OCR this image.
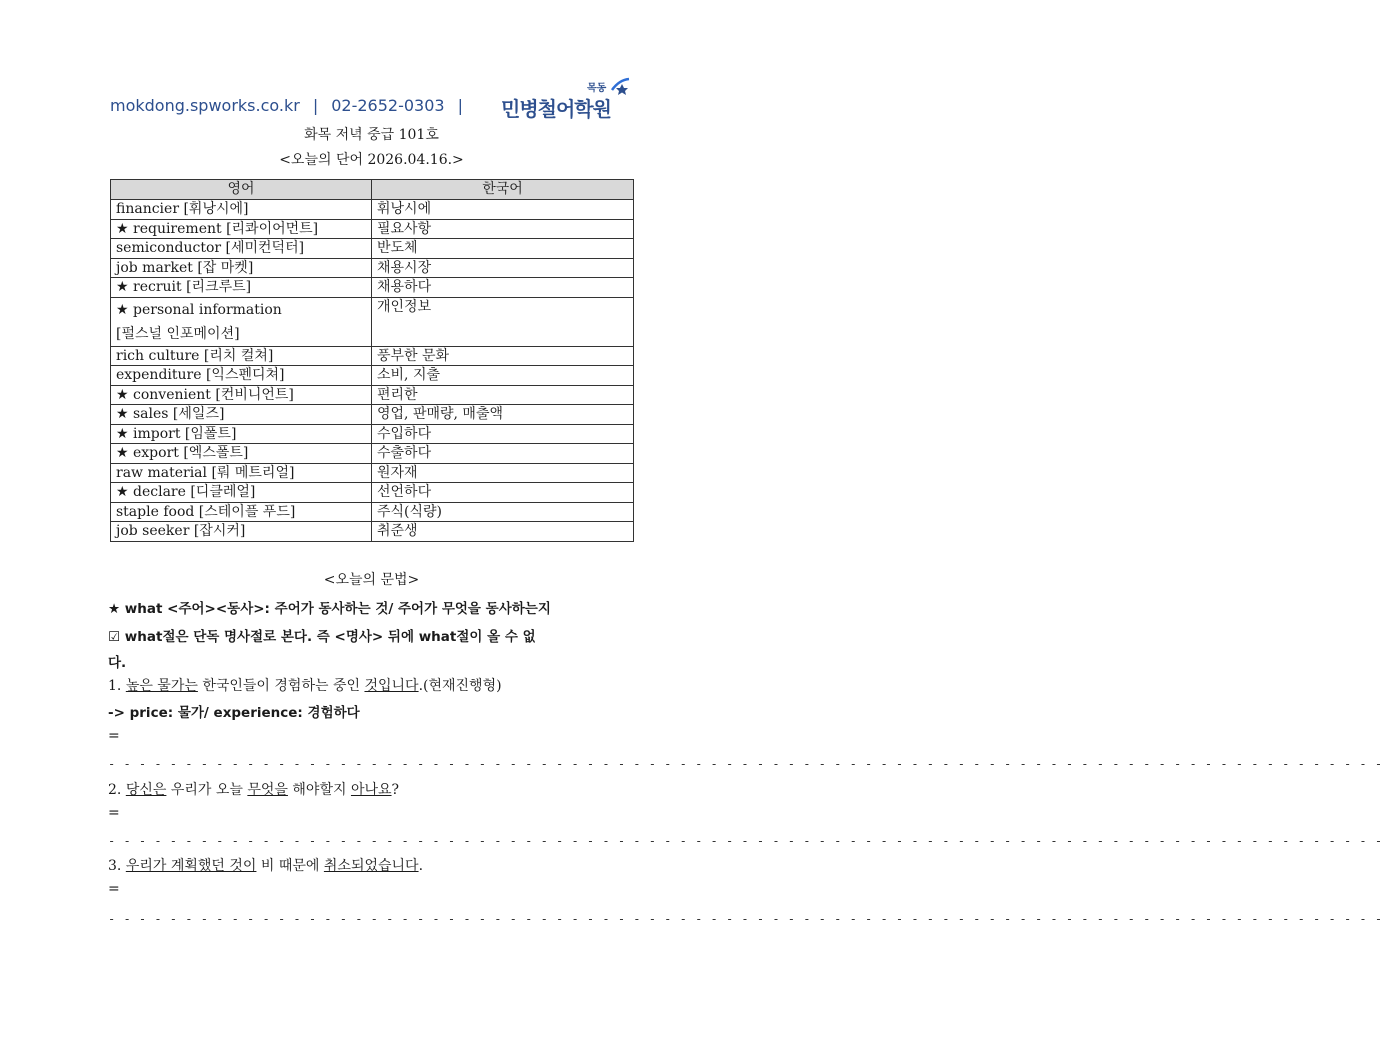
mokdong.spworks.co.kr | 02-2652-0303 |
목동
민병철어학원
화목 저녁 중급 101호
<오늘의 단어 2026.04.16.>
영어	한국어
financier [휘낭시에]	휘낭시에
★ requirement [리콰이어먼트]	필요사항
semiconductor [세미컨덕터]	반도체
job market [잡 마켓]	채용시장
★ recruit [리크루트]	채용하다
★ personal information
[펄스널 인포메이션]	개인정보
rich culture [리치 컬쳐]	풍부한 문화
expenditure [익스펜디쳐]	소비, 지출
★ convenient [컨비니언트]	편리한
★ sales [세일즈]	영업, 판매량, 매출액
★ import [임폴트]	수입하다
★ export [엑스폴트]	수출하다
raw material [뤄 메트리얼]	원자재
★ declare [디클레얼]	선언하다
staple food [스테이플 푸드]	주식(식량)
job seeker [잡시커]	취준생
<오늘의 문법>
★ what <주어><동사>: 주어가 동사하는 것/ 주어가 무엇을 동사하는지
☑ what절은 단독 명사절로 본다. 즉 <명사> 뒤에 what절이 올 수 없
다.
1. 높은 물가는 한국인들이 경험하는 중인 것입니다.(현재진행형)
-> price: 물가/ experience: 경험하다
=
- - - - - - - - - - - - - - - - - - - - - - - - - - - - - - - - - - - - - - - - - - - - - - - - - - - - - - - - - - - - - - - - - - - - - - - - - - - - - - - - - - -
2. 당신은 우리가 오늘 무엇을 해야할지 아나요?
=
- - - - - - - - - - - - - - - - - - - - - - - - - - - - - - - - - - - - - - - - - - - - - - - - - - - - - - - - - - - - - - - - - - - - - - - - - - - - - - - - - - -
3. 우리가 계획했던 것이 비 때문에 취소되었습니다.
=
- - - - - - - - - - - - - - - - - - - - - - - - - - - - - - - - - - - - - - - - - - - - - - - - - - - - - - - - - - - - - - - - - - - - - - - - - - - - - - - - - - -
